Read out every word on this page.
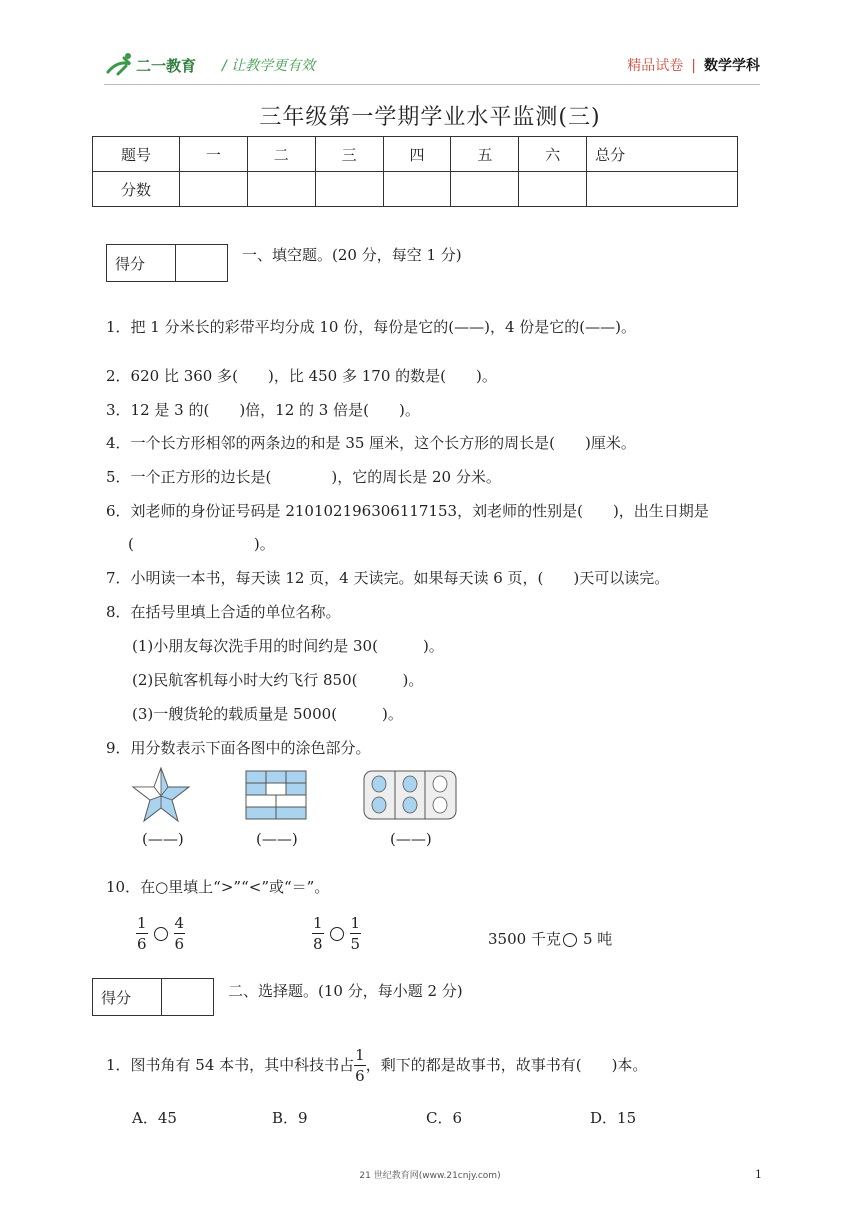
二一教育 / 让教学更有效	精品试卷 | 数学学科
三年级第一学期学业水平监测(三)
题号	一	二	三	四	五	六	总分
分数							
得分	一、填空题。(20 分，每空 1 分)
1．把 1 分米长的彩带平均分成 10 份，每份是它的(——)，4 份是它的(——)。
2．620 比 360 多(　　)，比 450 多 170 的数是(　　)。
3．12 是 3 的(　　)倍，12 的 3 倍是(　　)。
4．一个长方形相邻的两条边的和是 35 厘米，这个长方形的周长是(　　)厘米。
5．一个正方形的边长是(　　　　)，它的周长是 20 分米。
6．刘老师的身份证号码是 210102196306117153，刘老师的性别是(　　)，出生日期是
(　　　　　　　　)。
7．小明读一本书，每天读 12 页，4 天读完。如果每天读 6 页，(　　)天可以读完。
8．在括号里填上合适的单位名称。
(1)小朋友每次洗手用的时间约是 30(　　　)。
(2)民航客机每小时大约飞行 850(　　　)。
(3)一艘货轮的载质量是 5000(　　　)。
9．用分数表示下面各图中的涂色部分。
(——)	(——)	(——)
10．在○里填上“>”“<”或“＝”。
$\frac{1}{6} \frac{4}{6}$	$\frac{1}{8} \frac{1}{5}$	3500 千克 5 吨
得分	二、选择题。(10 分，每小题 2 分)
1．图书角有 54 本书，其中科技书占 $\frac{1}{6}$ ，剩下的都是故事书，故事书有(　　)本。
A．45	B．9	C．6	D．15
21 世纪教育网(www.21cnjy.com)	1
